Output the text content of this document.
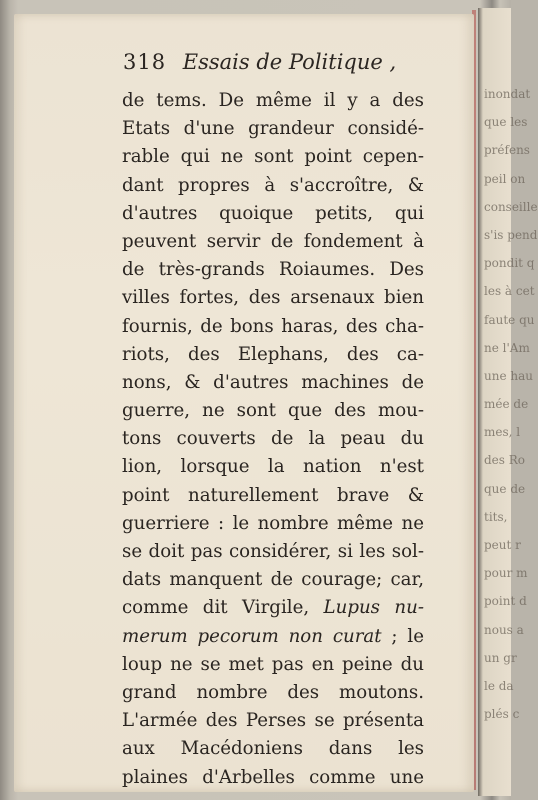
inondat
que les
préfens
peil on
conseille
s'is pend
pondit q
les à cet
faute qu
ne l'Am
une hau
mée de
mes, l
des Ro
que de
tits,
peut r
pour m
point d
nous a
un gr
le da
plés c
318 Essais de Politique ,
de tems. De même il y a des
Etats d'une grandeur considé-
rable qui ne sont point cepen-
dant propres à s'accroître, &
d'autres quoique petits, qui
peuvent servir de fondement à
de très-grands Roiaumes. Des
villes fortes, des arsenaux bien
fournis, de bons haras, des cha-
riots, des Elephans, des ca-
nons, & d'autres machines de
guerre, ne sont que des mou-
tons couverts de la peau du
lion, lorsque la nation n'est
point naturellement brave &
guerriere : le nombre même ne
se doit pas considérer, si les sol-
dats manquent de courage; car,
comme dit Virgile, Lupus nu-
merum pecorum non curat ; le
loup ne se met pas en peine du
grand nombre des moutons.
L'armée des Perses se présenta
aux Macédoniens dans les
plaines d'Arbelles comme une
